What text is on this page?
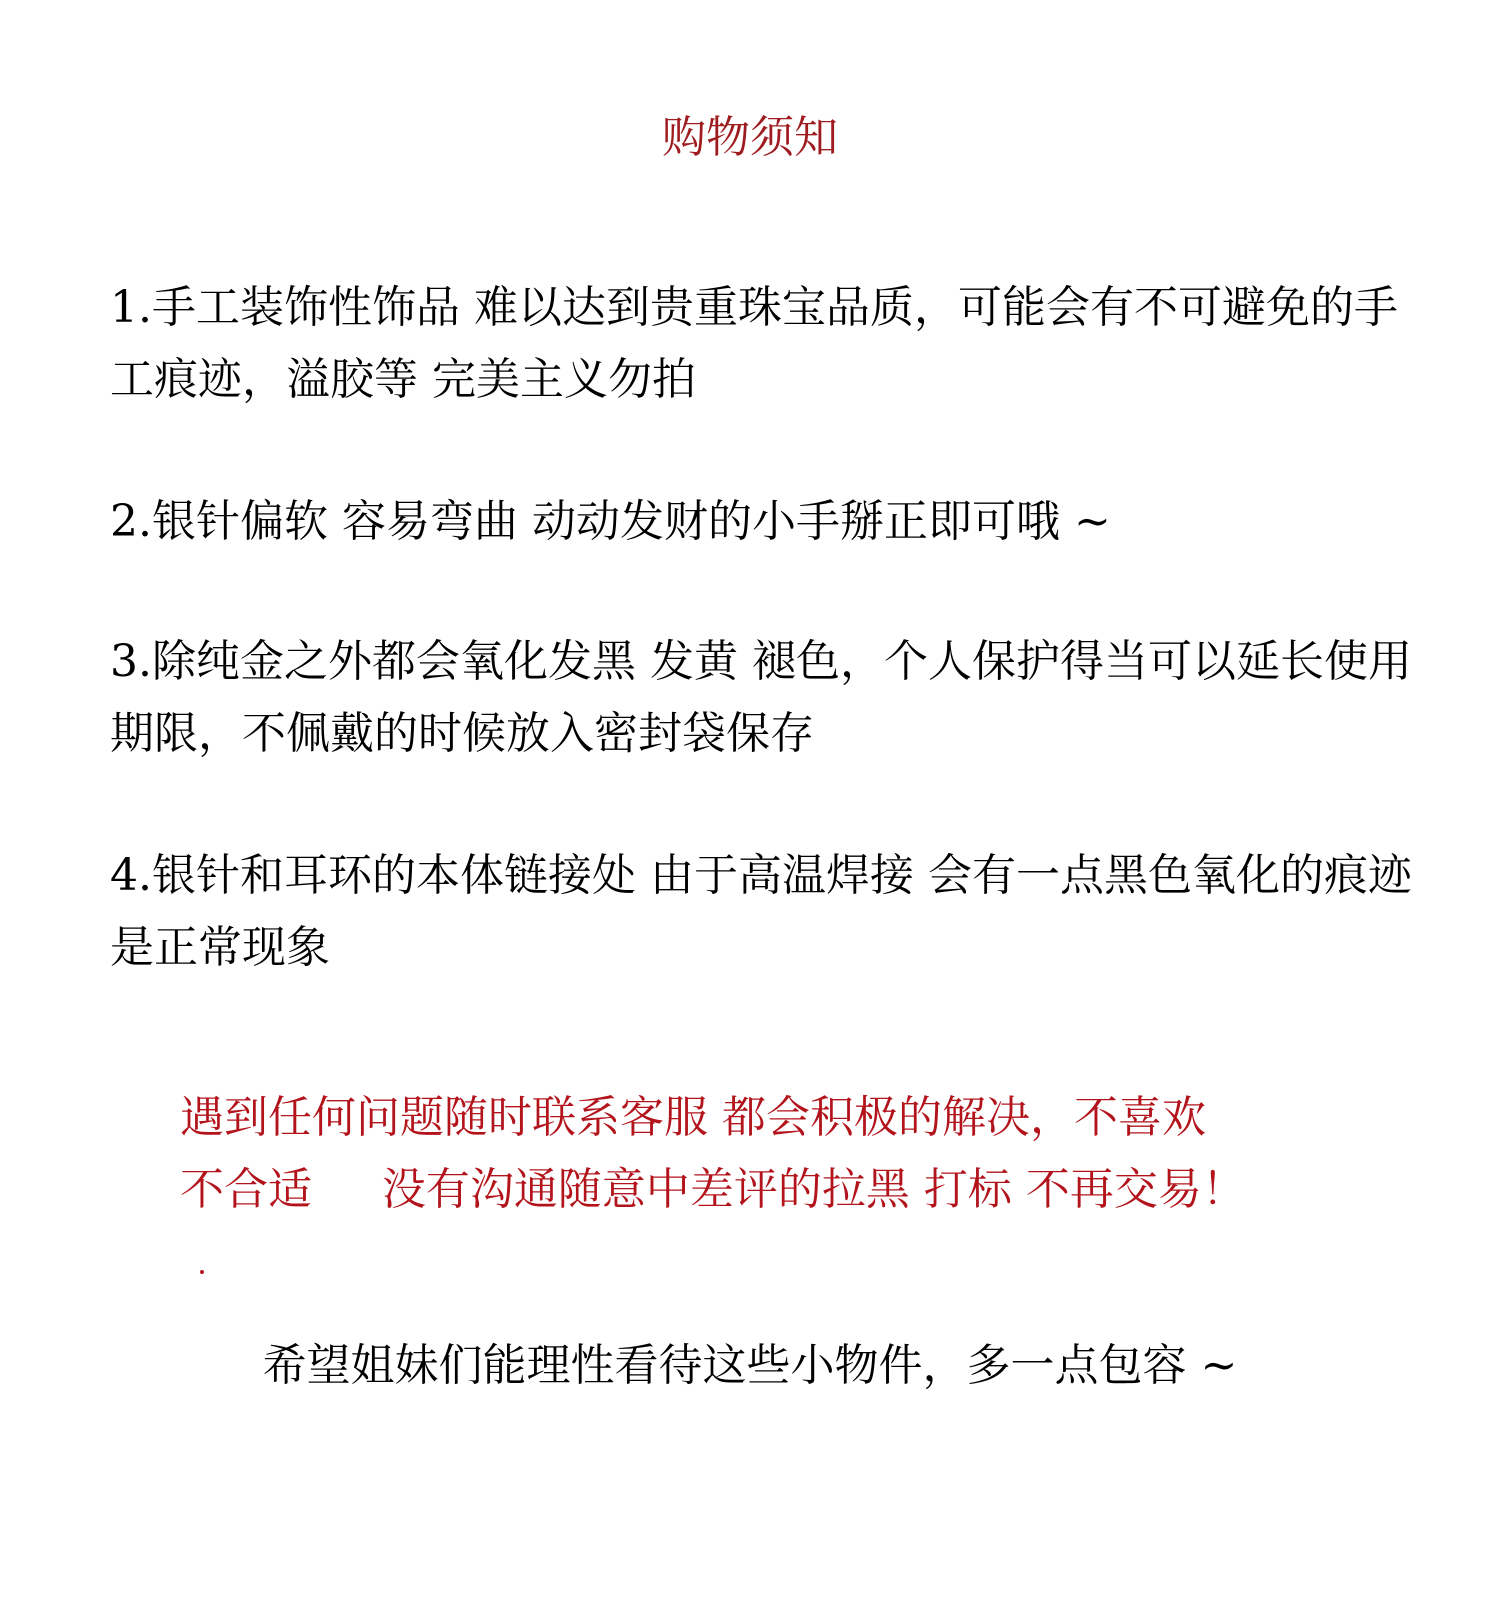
购物须知

1.手工装饰性饰品 难以达到贵重珠宝品质，可能会有不可避免的手工痕迹，溢胶等 完美主义勿拍

2.银针偏软 容易弯曲 动动发财的小手掰正即可哦 ~

3.除纯金之外都会氧化发黑 发黄 褪色，个人保护得当可以延长使用期限，不佩戴的时候放入密封袋保存

4.银针和耳环的本体链接处 由于高温焊接 会有一点黑色氧化的痕迹 是正常现象

遇到任何问题随时联系客服 都会积极的解决，不喜欢
不合适     没有沟通随意中差评的拉黑 打标 不再交易！
希望姐妹们能理性看待这些小物件，多一点包容 ~
